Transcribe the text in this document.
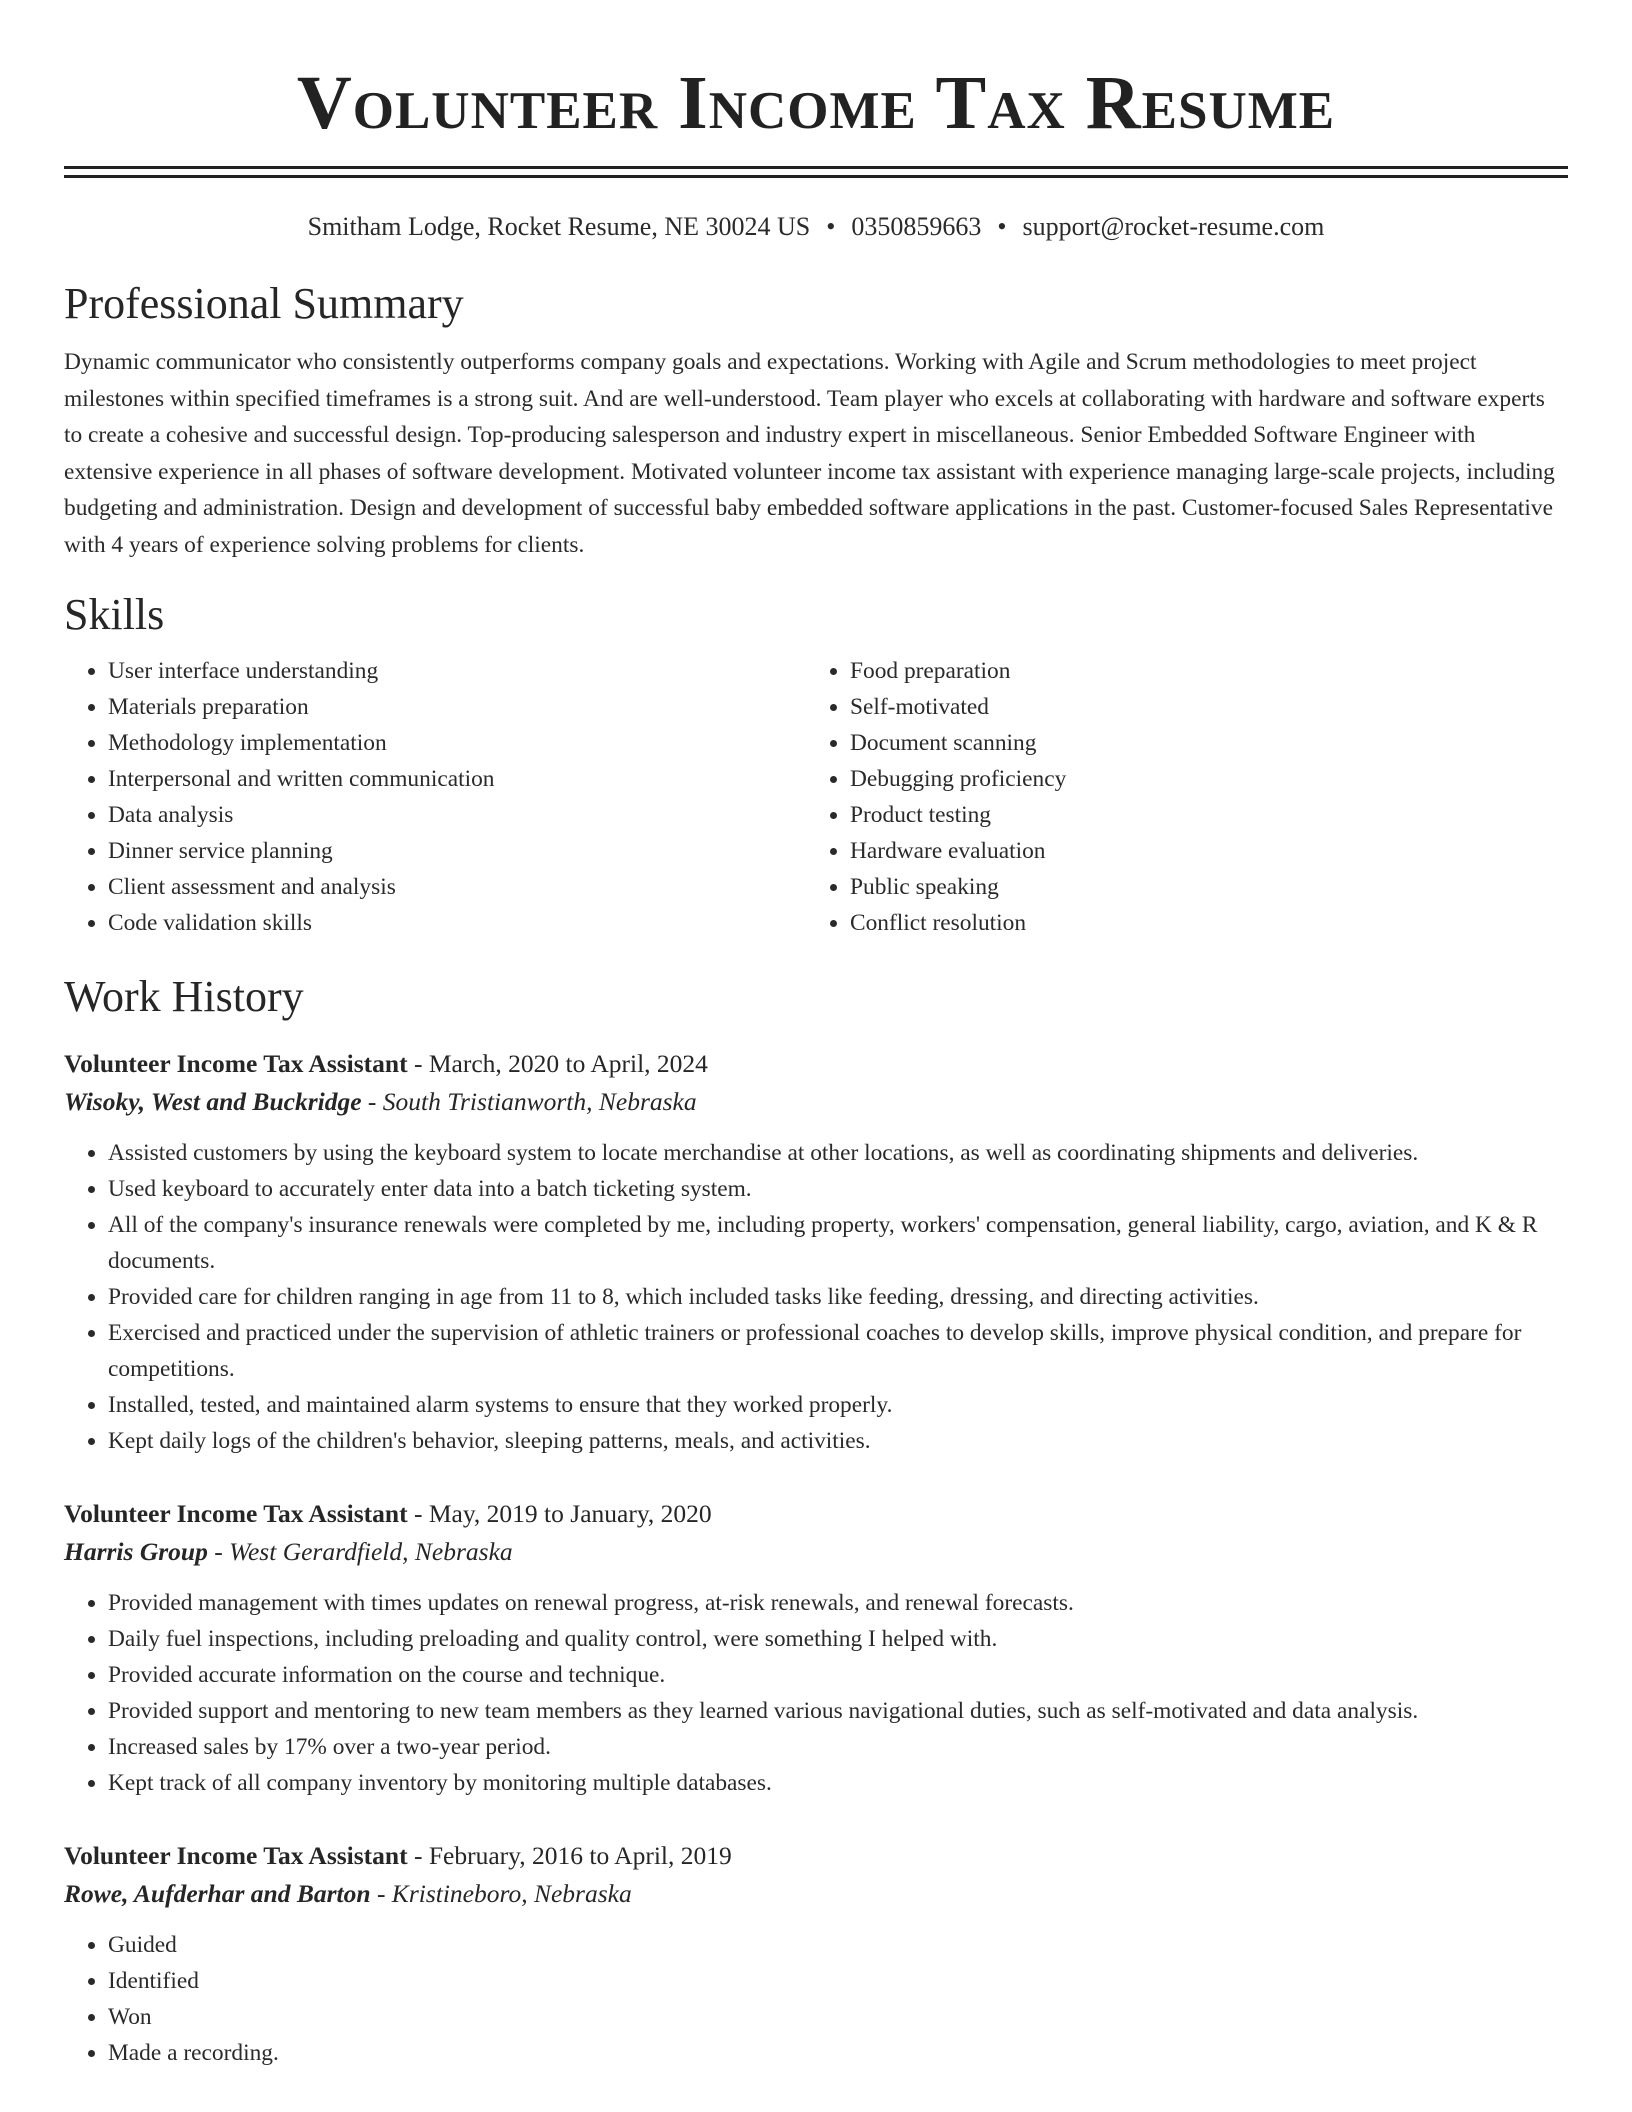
Volunteer Income Tax Resume
Smitham Lodge, Rocket Resume, NE 30024 US • 0350859663 • support@rocket-resume.com
Professional Summary

Dynamic communicator who consistently outperforms company goals and expectations. Working with Agile and Scrum methodologies to meet project milestones within specified timeframes is a strong suit. And are well-understood. Team player who excels at collaborating with hardware and software experts to create a cohesive and successful design. Top-producing salesperson and industry expert in miscellaneous. Senior Embedded Software Engineer with extensive experience in all phases of software development. Motivated volunteer income tax assistant with experience managing large-scale projects, including budgeting and administration. Design and development of successful baby embedded software applications in the past. Customer-focused Sales Representative with 4 years of experience solving problems for clients.

Skills
• User interface understanding
• Materials preparation
• Methodology implementation
• Interpersonal and written communication
• Data analysis
• Dinner service planning
• Client assessment and analysis
• Code validation skills
• Food preparation
• Self-motivated
• Document scanning
• Debugging proficiency
• Product testing
• Hardware evaluation
• Public speaking
• Conflict resolution
Work History
Volunteer Income Tax Assistant - March, 2020 to April, 2024
Wisoky, West and Buckridge - South Tristianworth, Nebraska
• Assisted customers by using the keyboard system to locate merchandise at other locations, as well as coordinating shipments and deliveries.
• Used keyboard to accurately enter data into a batch ticketing system.
• All of the company's insurance renewals were completed by me, including property, workers' compensation, general liability, cargo, aviation, and K & R documents.
• Provided care for children ranging in age from 11 to 8, which included tasks like feeding, dressing, and directing activities.
• Exercised and practiced under the supervision of athletic trainers or professional coaches to develop skills, improve physical condition, and prepare for competitions.
• Installed, tested, and maintained alarm systems to ensure that they worked properly.
• Kept daily logs of the children's behavior, sleeping patterns, meals, and activities.
Volunteer Income Tax Assistant - May, 2019 to January, 2020
Harris Group - West Gerardfield, Nebraska
• Provided management with times updates on renewal progress, at-risk renewals, and renewal forecasts.
• Daily fuel inspections, including preloading and quality control, were something I helped with.
• Provided accurate information on the course and technique.
• Provided support and mentoring to new team members as they learned various navigational duties, such as self-motivated and data analysis.
• Increased sales by 17% over a two-year period.
• Kept track of all company inventory by monitoring multiple databases.
Volunteer Income Tax Assistant - February, 2016 to April, 2019
Rowe, Aufderhar and Barton - Kristineboro, Nebraska
• Guided
• Identified
• Won
• Made a recording.
